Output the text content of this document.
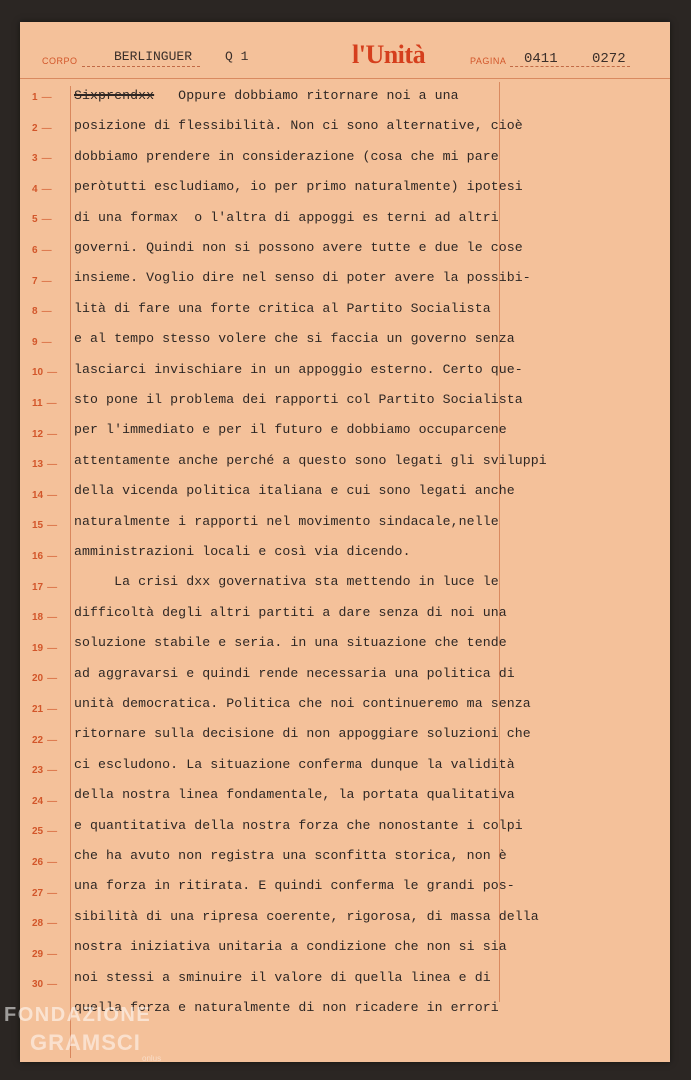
CORPO	BERLINGUER	Q 1	l'Unità	PAGINA 0411 0272
1 —
2 —
3 —
4 —
5 —
6 —
7 —
8 —
9 —
10 —
11 —
12 —
13 —
14 —
15 —
16 —
17 —
18 —
19 —
20 —
21 —
22 —
23 —
24 —
25 —
26 —
27 —
28 —
29 —
30 —
Sixprendxx   Oppure dobbiamo ritornare noi a una
posizione di flessibilità. Non ci sono alternative, cioè
dobbiamo prendere in considerazione (cosa che mi pare
peròtutti escludiamo, io per primo naturalmente) ipotesi
di una formax  o l'altra di appoggi es terni ad altri
governi. Quindi non si possono avere tutte e due le cose
insieme. Voglio dire nel senso di poter avere la possibi-
lità di fare una forte critica al Partito Socialista
e al tempo stesso volere che si faccia un governo senza
lasciarci invischiare in un appoggio esterno. Certo que-
sto pone il problema dei rapporti col Partito Socialista
per l'immediato e per il futuro e dobbiamo occuparcene
attentamente anche perché a questo sono legati gli sviluppi
della vicenda politica italiana e cui sono legati anche
naturalmente i rapporti nel movimento sindacale,nelle
amministrazioni locali e così via dicendo.
La crisi dxx governativa sta mettendo in luce le
difficoltà degli altri partiti a dare senza di noi una
soluzione stabile e seria. in una situazione che tende
ad aggravarsi e quindi rende necessaria una politica di
unità democratica. Politica che noi continueremo ma senza
ritornare sulla decisione di non appoggiare soluzioni che
ci escludono. La situazione conferma dunque la validità
della nostra linea fondamentale, la portata qualitativa
e quantitativa della nostra forza che nonostante i colpi
che ha avuto non registra una sconfitta storica, non è
una forza in ritirata. E quindi conferma le grandi pos-
sibilità di una ripresa coerente, rigorosa, di massa della
nostra iniziativa unitaria a condizione che non si sia
noi stessi a sminuire il valore di quella linea e di
quella forza e naturalmente di non ricadere in errori
FONDAZIONE
GRAMSCI
onlus
